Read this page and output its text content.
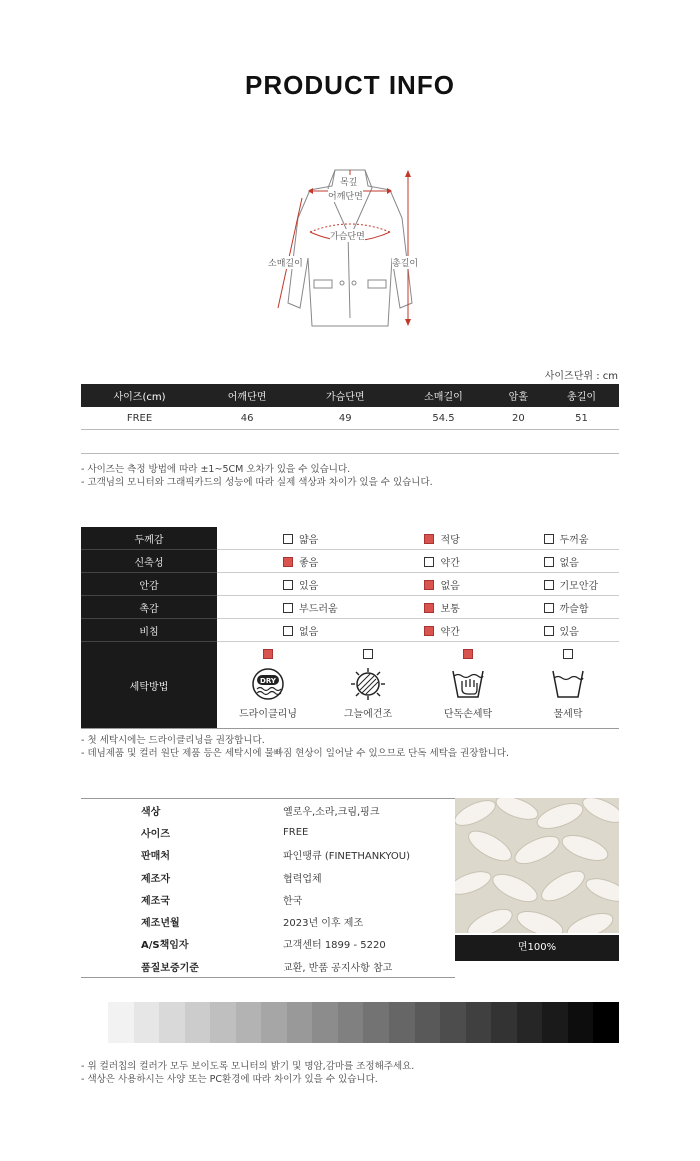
PRODUCT INFO
목깊
어깨단면
가슴단면
소매길이	총길이
사이즈단위 : cm
사이즈(cm)	어깨단면	가슴단면	소매길이	암홀	총길이
FREE	46	49	54.5	20	51

- 사이즈는 측정 방법에 따라 ±1~5CM 오차가 있을 수 있습니다.
- 고객님의 모니터와 그래픽카드의 성능에 따라 실제 색상과 차이가 있을 수 있습니다.
두께감	얇음	적당	두꺼움
신축성	좋음	약간	없음
안감	있음	없음	기모안감
촉감	부드러움	보통	까슬함
비침	없음	약간	있음
세탁방법	DRY
드라이클리닝 그늘에건조 단독손세탁 물세탁		
- 첫 세탁시에는 드라이클리닝을 권장합니다.
- 데님제품 및 컬러 원단 제품 등은 세탁시에 물빠짐 현상이 일어날 수 있으므로 단독 세탁을 권장합니다.
색상	옐로우,소라,크림,핑크
사이즈	FREE
판매처	파인땡큐 (FINETHANKYOU)
제조자	협력업체
제조국	한국
제조년월	2023년 이후 제조
A/S책임자	고객센터 1899 - 5220
품질보증기준	교환, 반품 공지사항 참고
면100%
- 위 컬러칩의 컬러가 모두 보이도록 모니터의 밝기 및 명암,감마를 조정해주세요.
- 색상은 사용하시는 사양 또는 PC환경에 따라 차이가 있을 수 있습니다.
